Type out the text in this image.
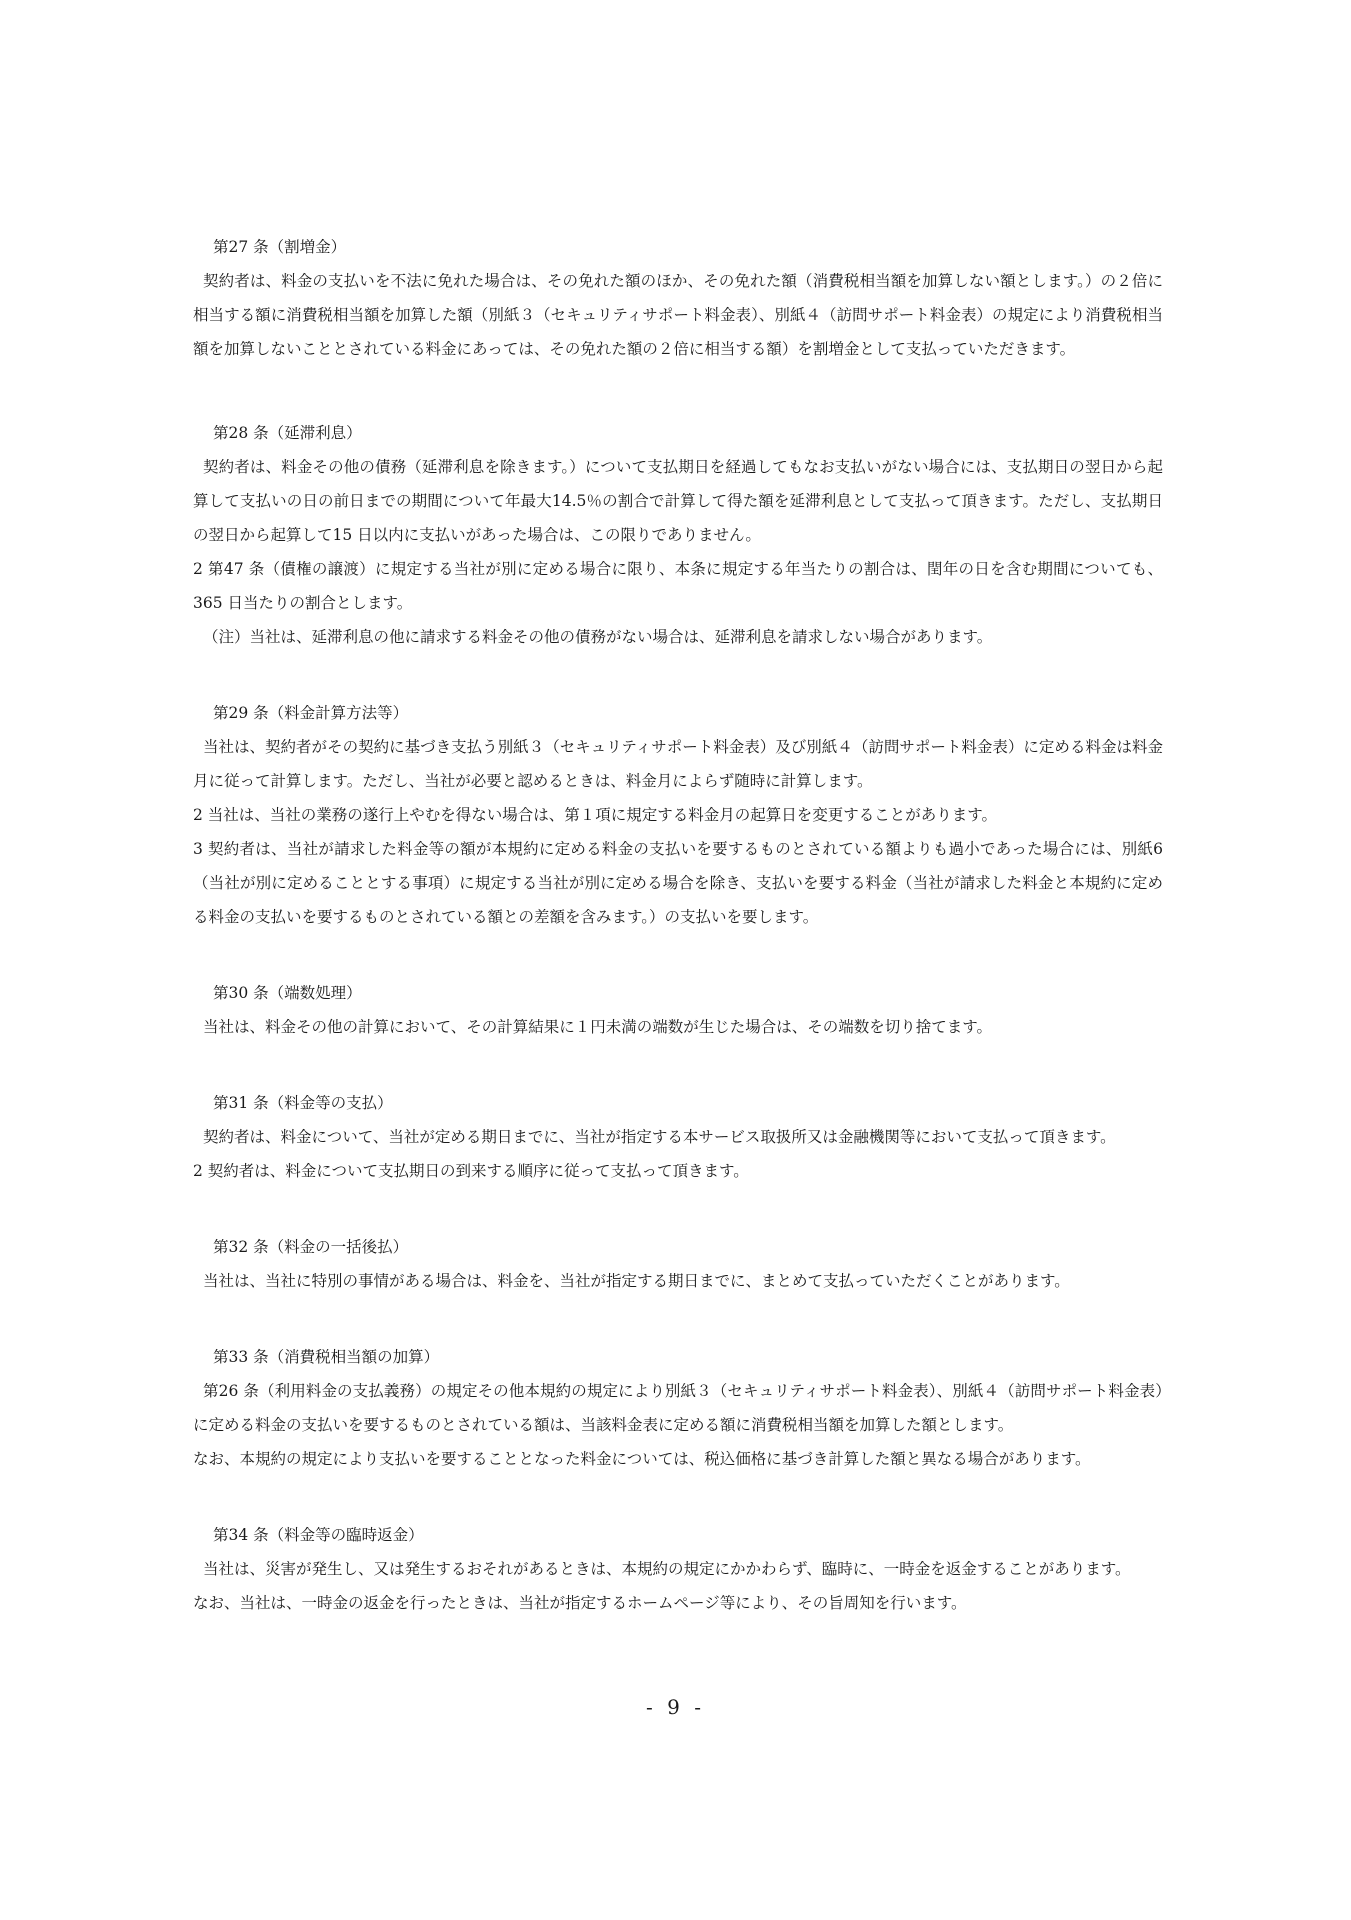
第27 条（割増金）

契約者は、料金の支払いを不法に免れた場合は、その免れた額のほか、その免れた額（消費税相当額を加算しない額とします。）の２倍に相当する額に消費税相当額を加算した額（別紙３（セキュリティサポート料金表）、別紙４（訪問サポート料金表）の規定により消費税相当額を加算しないこととされている料金にあっては、その免れた額の２倍に相当する額）を割増金として支払っていただきます。

第28 条（延滞利息）

契約者は、料金その他の債務（延滞利息を除きます。）について支払期日を経過してもなお支払いがない場合には、支払期日の翌日から起算して支払いの日の前日までの期間について年最大14.5％の割合で計算して得た額を延滞利息として支払って頂きます。ただし、支払期日の翌日から起算して15 日以内に支払いがあった場合は、この限りでありません。

2 第47 条（債権の譲渡）に規定する当社が別に定める場合に限り、本条に規定する年当たりの割合は、閏年の日を含む期間についても、365 日当たりの割合とします。

（注）当社は、延滞利息の他に請求する料金その他の債務がない場合は、延滞利息を請求しない場合があります。

第29 条（料金計算方法等）

当社は、契約者がその契約に基づき支払う別紙３（セキュリティサポート料金表）及び別紙４（訪問サポート料金表）に定める料金は料金月に従って計算します。ただし、当社が必要と認めるときは、料金月によらず随時に計算します。

2 当社は、当社の業務の遂行上やむを得ない場合は、第１項に規定する料金月の起算日を変更することがあります。

3 契約者は、当社が請求した料金等の額が本規約に定める料金の支払いを要するものとされている額よりも過小であった場合には、別紙6（当社が別に定めることとする事項）に規定する当社が別に定める場合を除き、支払いを要する料金（当社が請求した料金と本規約に定める料金の支払いを要するものとされている額との差額を含みます。）の支払いを要します。

第30 条（端数処理）

当社は、料金その他の計算において、その計算結果に１円未満の端数が生じた場合は、その端数を切り捨てます。

第31 条（料金等の支払）

契約者は、料金について、当社が定める期日までに、当社が指定する本サービス取扱所又は金融機関等において支払って頂きます。

2 契約者は、料金について支払期日の到来する順序に従って支払って頂きます。

第32 条（料金の一括後払）

当社は、当社に特別の事情がある場合は、料金を、当社が指定する期日までに、まとめて支払っていただくことがあります。

第33 条（消費税相当額の加算）

第26 条（利用料金の支払義務）の規定その他本規約の規定により別紙３（セキュリティサポート料金表）、別紙４（訪問サポート料金表）に定める料金の支払いを要するものとされている額は、当該料金表に定める額に消費税相当額を加算した額とします。

なお、本規約の規定により支払いを要することとなった料金については、税込価格に基づき計算した額と異なる場合があります。

第34 条（料金等の臨時返金）

当社は、災害が発生し、又は発生するおそれがあるときは、本規約の規定にかかわらず、臨時に、一時金を返金することがあります。

なお、当社は、一時金の返金を行ったときは、当社が指定するホームページ等により、その旨周知を行います。

- 9 -
